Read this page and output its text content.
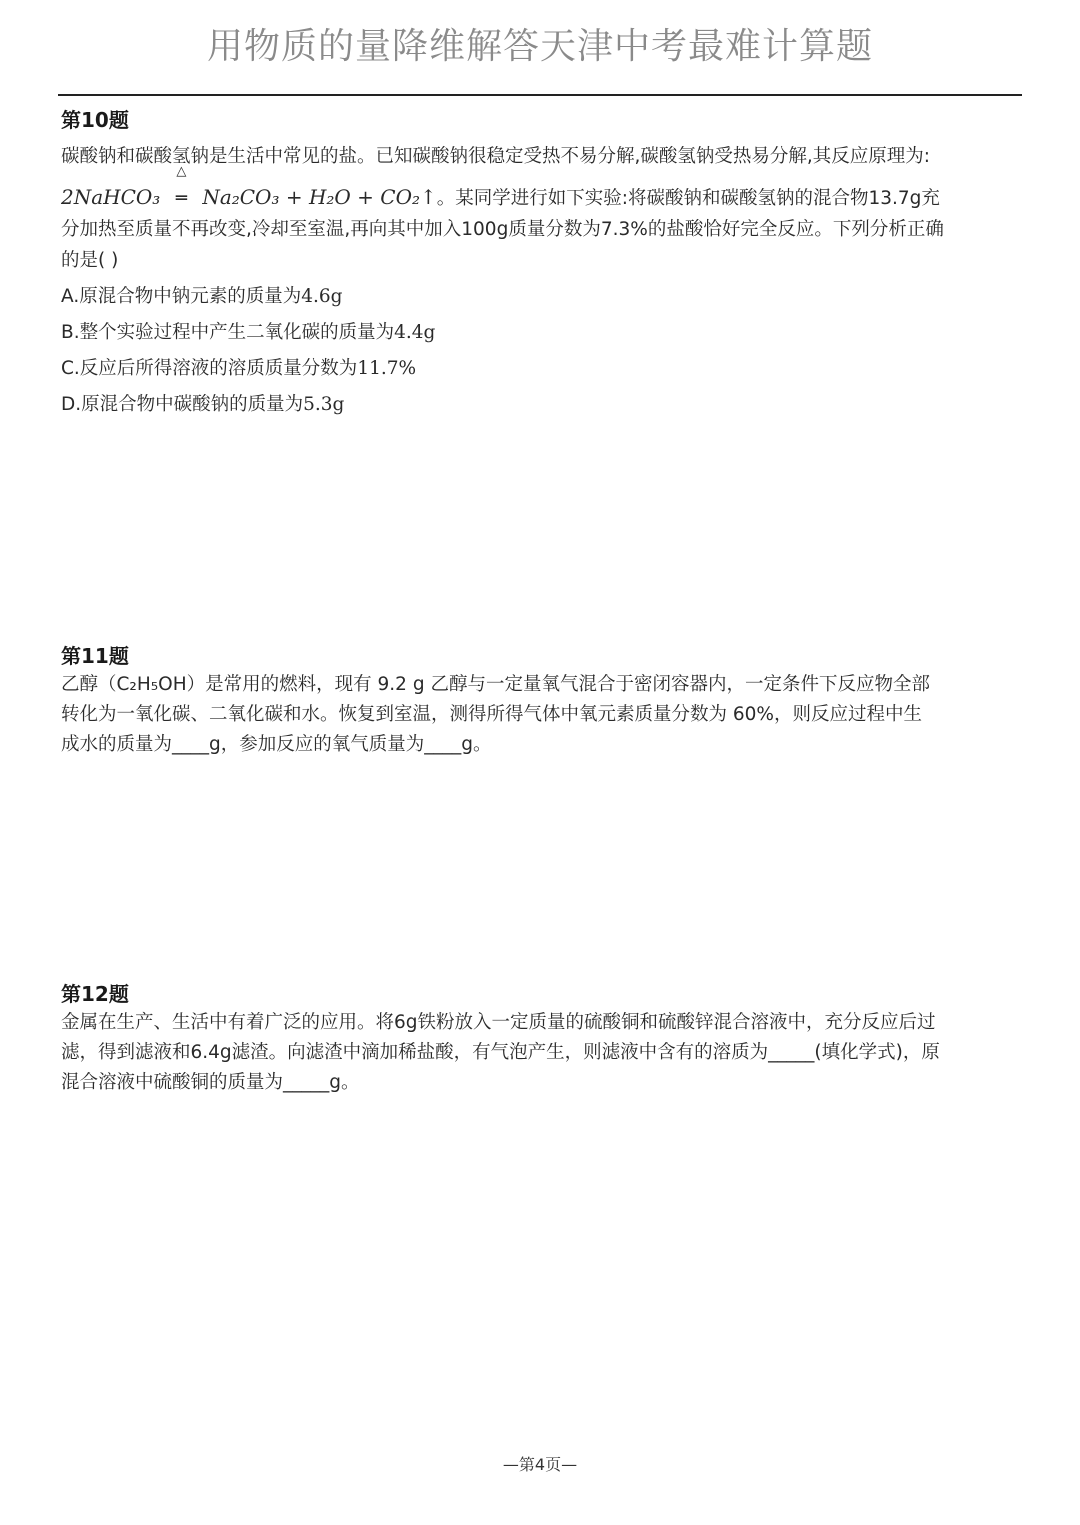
用物质的量降维解答天津中考最难计算题
第10题
碳酸钠和碳酸氢钠是生活中常见的盐。已知碳酸钠很稳定受热不易分解,碳酸氢钠受热易分解,其反应原理为:
2NaHCO₃
△
═ Na₂CO₃ + H₂O + CO₂↑。某同学进行如下实验:将碳酸钠和碳酸氢钠的混合物13.7g充
分加热至质量不再改变,冷却至室温,再向其中加入100g质量分数为7.3%的盐酸恰好完全反应。下列分析正确
的是( )
A.原混合物中钠元素的质量为4.6g
B.整个实验过程中产生二氧化碳的质量为4.4g
C.反应后所得溶液的溶质质量分数为11.7%
D.原混合物中碳酸钠的质量为5.3g
第11题
乙醇（C₂H₅OH）是常用的燃料，现有 9.2 g 乙醇与一定量氧气混合于密闭容器内，一定条件下反应物全部
转化为一氧化碳、二氧化碳和水。恢复到室温，测得所得气体中氧元素质量分数为 60%，则反应过程中生
成水的质量为____g，参加反应的氧气质量为____g。
第12题
金属在生产、生活中有着广泛的应用。将6g铁粉放入一定质量的硫酸铜和硫酸锌混合溶液中，充分反应后过
滤，得到滤液和6.4g滤渣。向滤渣中滴加稀盐酸，有气泡产生，则滤液中含有的溶质为_____(填化学式)，原
混合溶液中硫酸铜的质量为_____g。
—第4页—
